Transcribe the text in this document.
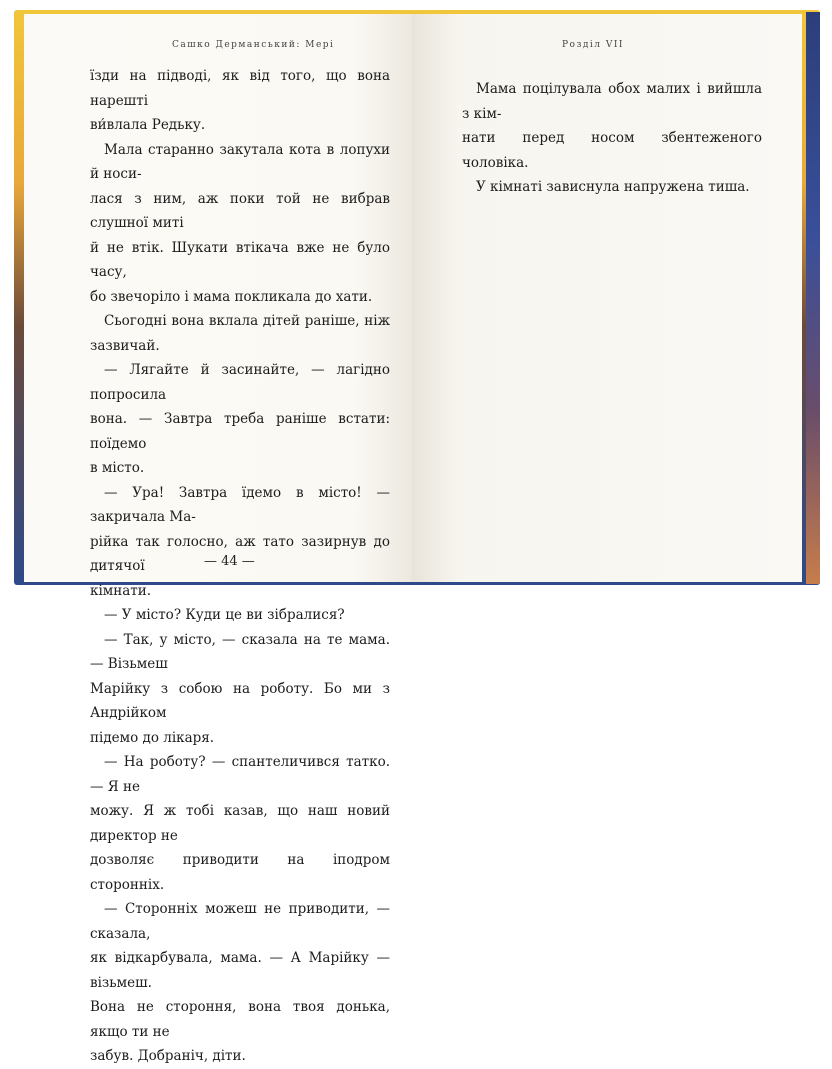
Сашко Дерманський: Мері

їзди на підводі, як від того, що вона нарешті

ви́влала Редьку.

Мала старанно закутала кота в лопухи й носи-

лася з ним, аж поки той не вибрав слушної миті

й не втік. Шукати втікача вже не було часу,

бо звечоріло і мама покликала до хати.

Сьогодні вона вклала дітей раніше, ніж зазвичай.

— Лягайте й засинайте, — лагідно попросила

вона. — Завтра треба раніше встати: поїдемо

в місто.

— Ура! Завтра їдемо в місто! — закричала Ма-

рійка так голосно, аж тато зазирнув до дитячої

кімнати.

— У місто? Куди це ви зібралися?

— Так, у місто, — сказала на те мама. — Візьмеш

Марійку з собою на роботу. Бо ми з Андрійком

підемо до лікаря.

— На роботу? — спантеличився татко. — Я не

можу. Я ж тобі казав, що наш новий директор не

дозволяє приводити на іподром сторонніх.

— Сторонніх можеш не приводити, — сказала,

як відкарбувала, мама. — А Марійку — візьмеш.

Вона не стороння, вона твоя донька, якщо ти не

забув. Добраніч, діти.

— 44 —
Розділ VII

Мама поцілувала обох малих і вийшла з кім-

нати перед носом збентеженого чоловіка.

У кімнаті зависнула напружена тиша.
